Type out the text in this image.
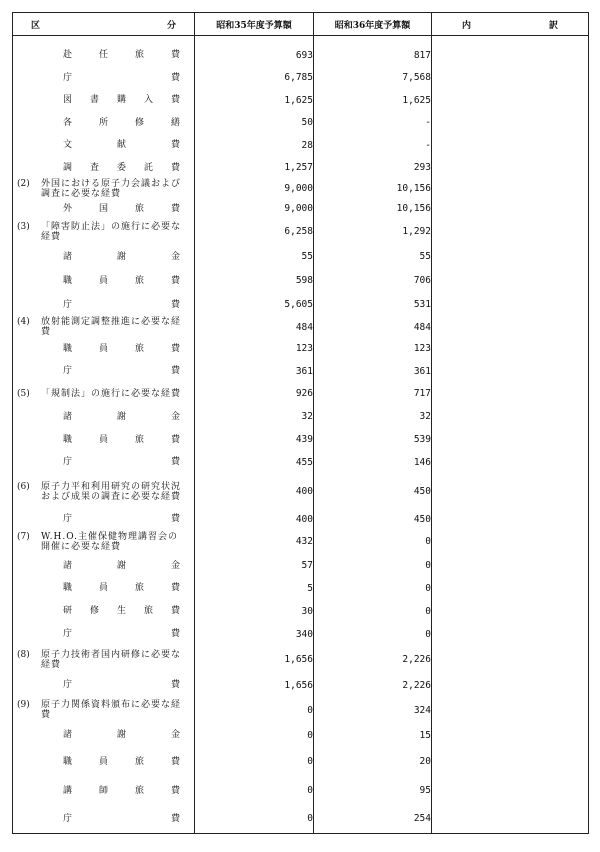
区 分	昭和35年度予算額	昭和36年度予算額	内 訳

赴 任 旅 費	693	817	

庁 費	6,785	7,568	

図 書 購 入 費	1,625	1,625	

各 所 修 繕	50	-	

文 献 費	28	-	

調 査 委 託 費	1,257	293	

(2) 外国における原子力会議および調査に必要な経費	9,000	10,156	

外 国 旅 費	9,000	10,156	

(3) 「障害防止法」の施行に必要な経費	6,258	1,292	

諸 謝 金	55	55	

職 員 旅 費	598	706	

庁 費	5,605	531	

(4) 放射能測定調整推進に必要な経費	484	484	

職 員 旅 費	123	123	

庁 費	361	361	

(5) 「規制法」の施行に必要な経費	926	717	

諸 謝 金	32	32	

職 員 旅 費	439	539	

庁 費	455	146	

(6) 原子力平和利用研究の研究状況および成果の調査に必要な経費	400	450	

庁 費	400	450	

(7) W.H.O.主催保健物理講習会の開催に必要な経費	432	0	

諸 謝 金	57	0	

職 員 旅 費	5	0	

研 修 生 旅 費	30	0	

庁 費	340	0	

(8) 原子力技術者国内研修に必要な経費	1,656	2,226	

庁 費	1,656	2,226	

(9) 原子力関係資料頒布に必要な経費	0	324	

諸 謝 金	0	15	

職 員 旅 費	0	20	

講 師 旅 費	0	95	

庁 費	0	254	
